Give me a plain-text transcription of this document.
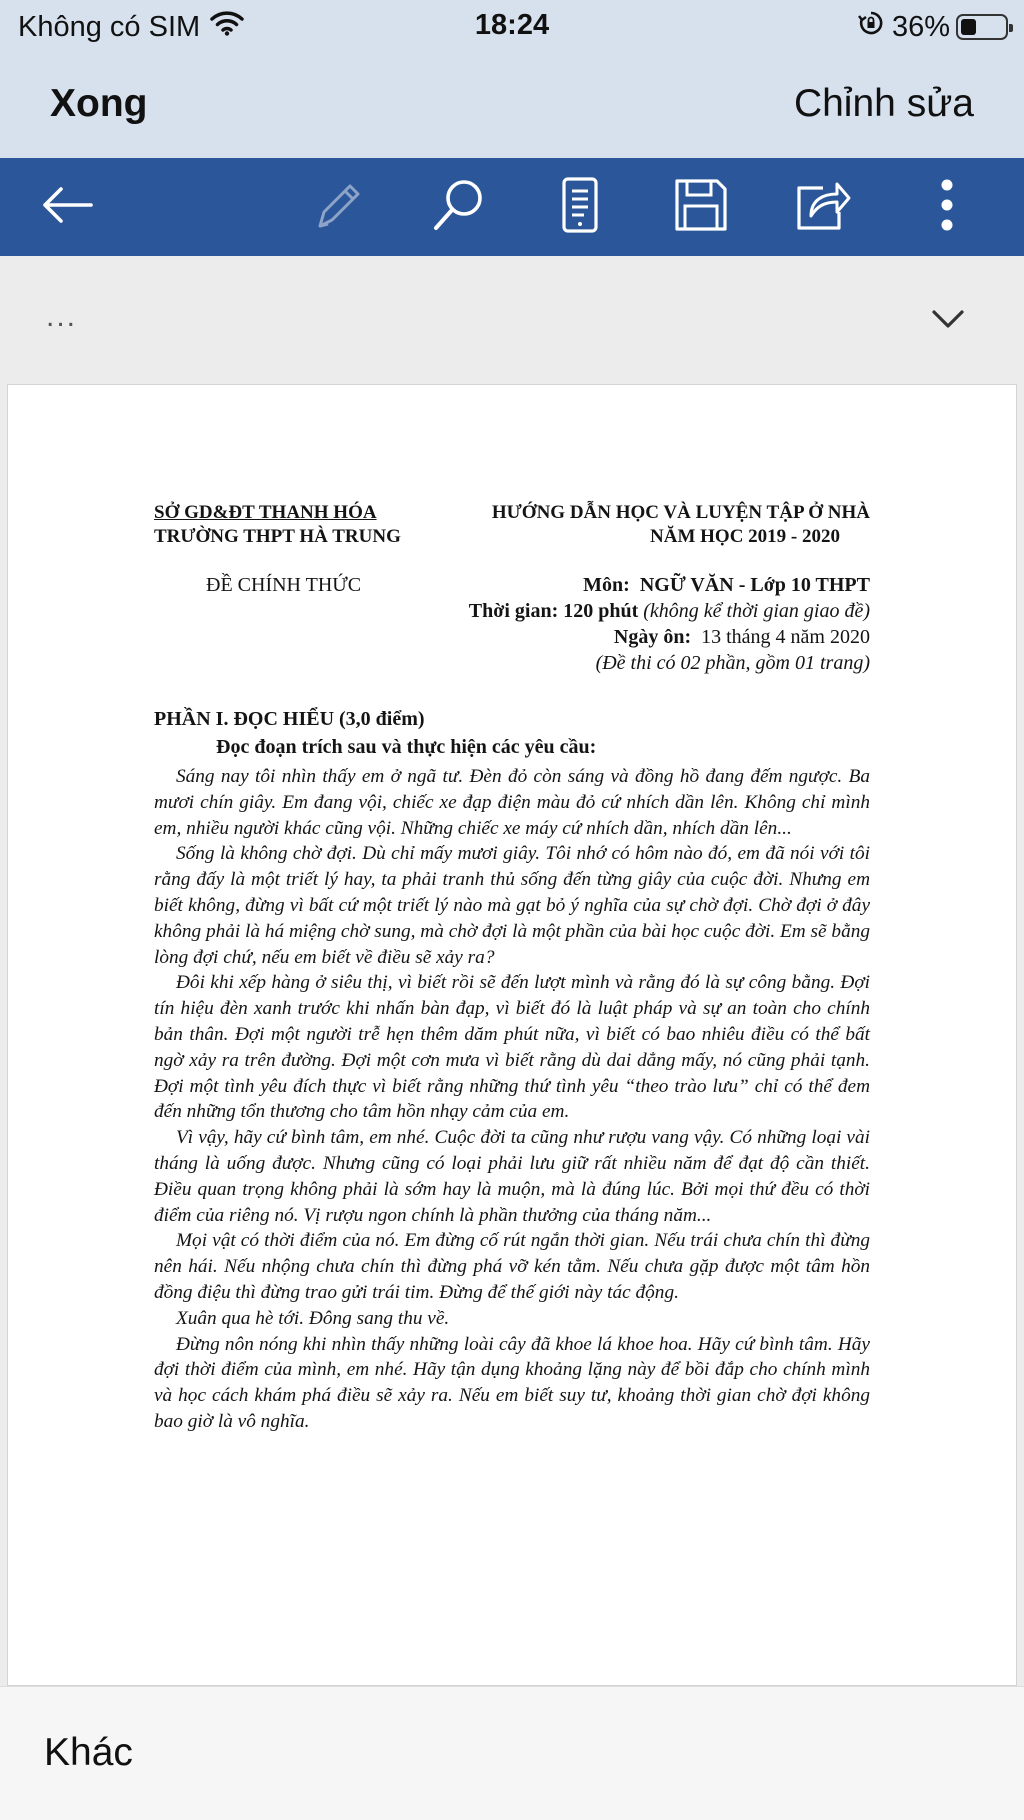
Không có SIM	18:24	36%
Xong	Chỉnh sửa
...
SỞ GD&ĐT THANH HÓA	HƯỚNG DẪN HỌC VÀ LUYỆN TẬP Ở NHÀ
TRƯỜNG THPT HÀ TRUNG	NĂM HỌC 2019 - 2020
ĐỀ CHÍNH THỨC	Môn: NGỮ VĂN - Lớp 10 THPT
Thời gian: 120 phút (không kể thời gian giao đề)
Ngày ôn: 13 tháng 4 năm 2020
(Đề thi có 02 phần, gồm 01 trang)
PHẦN I. ĐỌC HIỂU (3,0 điểm)
Đọc đoạn trích sau và thực hiện các yêu cầu:

Sáng nay tôi nhìn thấy em ở ngã tư. Đèn đỏ còn sáng và đồng hồ đang đếm ngược. Ba mươi chín giây. Em đang vội, chiếc xe đạp điện màu đỏ cứ nhích dần lên. Không chỉ mình em, nhiều người khác cũng vội. Những chiếc xe máy cứ nhích dần, nhích dần lên...

Sống là không chờ đợi. Dù chỉ mấy mươi giây. Tôi nhớ có hôm nào đó, em đã nói với tôi rằng đấy là một triết lý hay, ta phải tranh thủ sống đến từng giây của cuộc đời. Nhưng em biết không, đừng vì bất cứ một triết lý nào mà gạt bỏ ý nghĩa của sự chờ đợi. Chờ đợi ở đây không phải là há miệng chờ sung, mà chờ đợi là một phần của bài học cuộc đời. Em sẽ bằng lòng đợi chứ, nếu em biết về điều sẽ xảy ra?

Đôi khi xếp hàng ở siêu thị, vì biết rồi sẽ đến lượt mình và rằng đó là sự công bằng. Đợi tín hiệu đèn xanh trước khi nhấn bàn đạp, vì biết đó là luật pháp và sự an toàn cho chính bản thân. Đợi một người trễ hẹn thêm dăm phút nữa, vì biết có bao nhiêu điều có thể bất ngờ xảy ra trên đường. Đợi một cơn mưa vì biết rằng dù dai dẳng mấy, nó cũng phải tạnh. Đợi một tình yêu đích thực vì biết rằng những thứ tình yêu “theo trào lưu” chỉ có thể đem đến những tổn thương cho tâm hồn nhạy cảm của em.

Vì vậy, hãy cứ bình tâm, em nhé. Cuộc đời ta cũng như rượu vang vậy. Có những loại vài tháng là uống được. Nhưng cũng có loại phải lưu giữ rất nhiều năm để đạt độ cần thiết. Điều quan trọng không phải là sớm hay là muộn, mà là đúng lúc. Bởi mọi thứ đều có thời điểm của riêng nó. Vị rượu ngon chính là phần thưởng của tháng năm...

Mọi vật có thời điểm của nó. Em đừng cố rút ngắn thời gian. Nếu trái chưa chín thì đừng nên hái. Nếu nhộng chưa chín thì đừng phá vỡ kén tằm. Nếu chưa gặp được một tâm hồn đồng điệu thì đừng trao gửi trái tim. Đừng để thế giới này tác động.

Xuân qua hè tới. Đông sang thu về.

Đừng nôn nóng khi nhìn thấy những loài cây đã khoe lá khoe hoa. Hãy cứ bình tâm. Hãy đợi thời điểm của mình, em nhé. Hãy tận dụng khoảng lặng này để bồi đắp cho chính mình và học cách khám phá điều sẽ xảy ra. Nếu em biết suy tư, khoảng thời gian chờ đợi không bao giờ là vô nghĩa.

Khác
